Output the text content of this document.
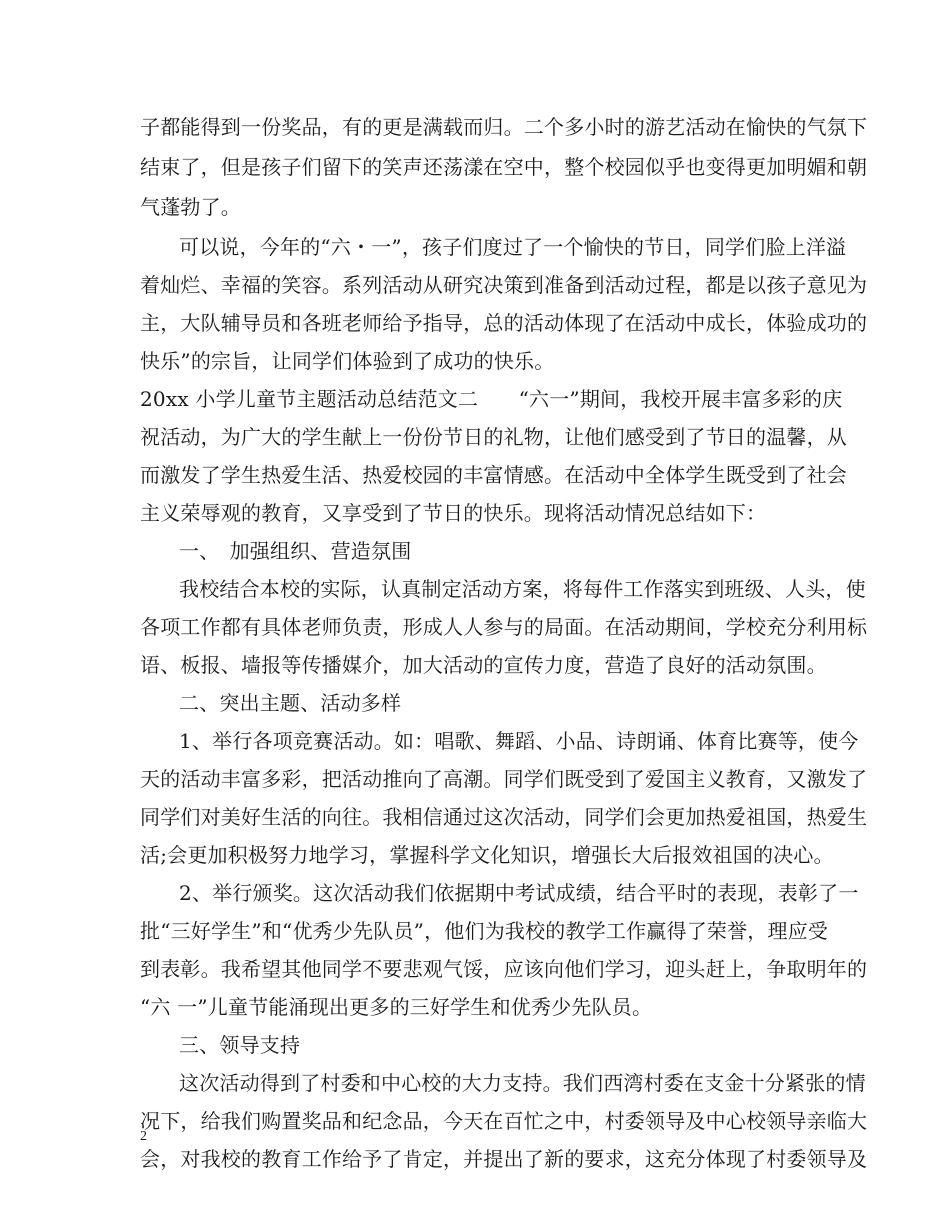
子都能得到一份奖品，有的更是满载而归。二个多小时的游艺活动在愉快的气氛下
结束了，但是孩子们留下的笑声还荡漾在空中，整个校园似乎也变得更加明媚和朝
气蓬勃了。
可以说，今年的“六・一”，孩子们度过了一个愉快的节日，同学们脸上洋溢
着灿烂、幸福的笑容。系列活动从研究决策到准备到活动过程，都是以孩子意见为
主，大队辅导员和各班老师给予指导，总的活动体现了在活动中成长，体验成功的
快乐”的宗旨，让同学们体验到了成功的快乐。
20xx 小学儿童节主题活动总结范文二　　“六一”期间，我校开展丰富多彩的庆
祝活动，为广大的学生献上一份份节日的礼物，让他们感受到了节日的温馨，从
而激发了学生热爱生活、热爱校园的丰富情感。在活动中全体学生既受到了社会
主义荣辱观的教育，又享受到了节日的快乐。现将活动情况总结如下：
一、　加强组织、营造氛围
我校结合本校的实际，认真制定活动方案，将每件工作落实到班级、人头，使
各项工作都有具体老师负责，形成人人参与的局面。在活动期间，学校充分利用标
语、板报、墙报等传播媒介，加大活动的宣传力度，营造了良好的活动氛围。
二、突出主题、活动多样
1、举行各项竞赛活动。如：唱歌、舞蹈、小品、诗朗诵、体育比赛等，使今
天的活动丰富多彩，把活动推向了高潮。同学们既受到了爱国主义教育，又激发了
同学们对美好生活的向往。我相信通过这次活动，同学们会更加热爱祖国，热爱生
活;会更加积极努力地学习，掌握科学文化知识，增强长大后报效祖国的决心。
2、举行颁奖。这次活动我们依据期中考试成绩，结合平时的表现，表彰了一
批“三好学生”和“优秀少先队员”，他们为我校的教学工作赢得了荣誉，理应受
到表彰。我希望其他同学不要悲观气馁，应该向他们学习，迎头赶上，争取明年的
“六 一”儿童节能涌现出更多的三好学生和优秀少先队员。
三、领导支持
这次活动得到了村委和中心校的大力支持。我们西湾村委在支金十分紧张的情
况下，给我们购置奖品和纪念品，今天在百忙之中，村委领导及中心校领导亲临大
会，对我校的教育工作给予了肯定，并提出了新的要求，这充分体现了村委领导及
2
